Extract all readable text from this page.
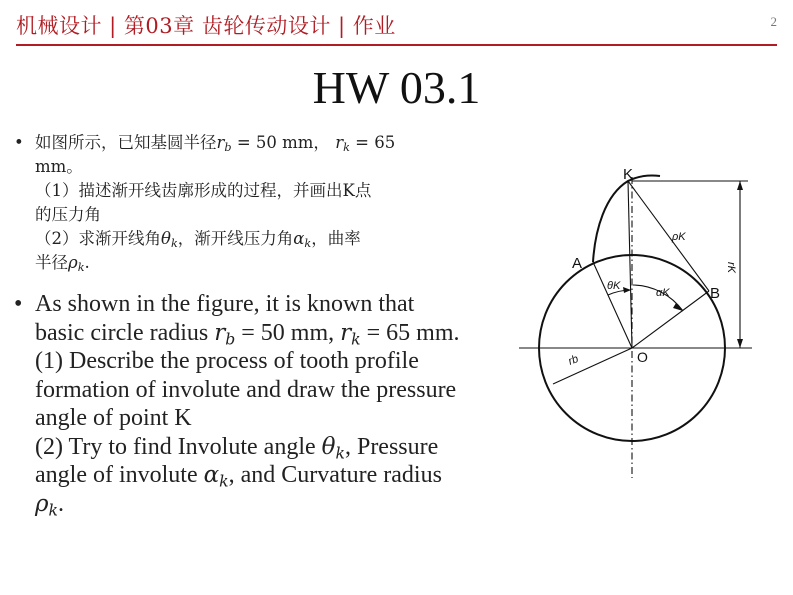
机械设计 | 第03章 齿轮传动设计 | 作业	2
HW 03.1
• 如图所示，已知基圆半径$r_b = 50$ mm， $r_k = 65$
mm。
（1）描述渐开线齿廓形成的过程，并画出K点
的压力角
（2）求渐开线角$\theta_k$，渐开线压力角$\alpha_k$，曲率
半径$\rho_k$.
• As shown in the figure, it is known that
basic circle radius $r_b = 50$ mm, $r_k = 65$ mm.
(1) Describe the process of tooth profile
formation of involute and draw the pressure
angle of point K
(2) Try to find Involute angle $\theta_k$, Pressure
angle of involute $\alpha_k$, and Curvature radius
$\rho_k$.
K
A
B
O
ρK
θK
αK
rK
rb
